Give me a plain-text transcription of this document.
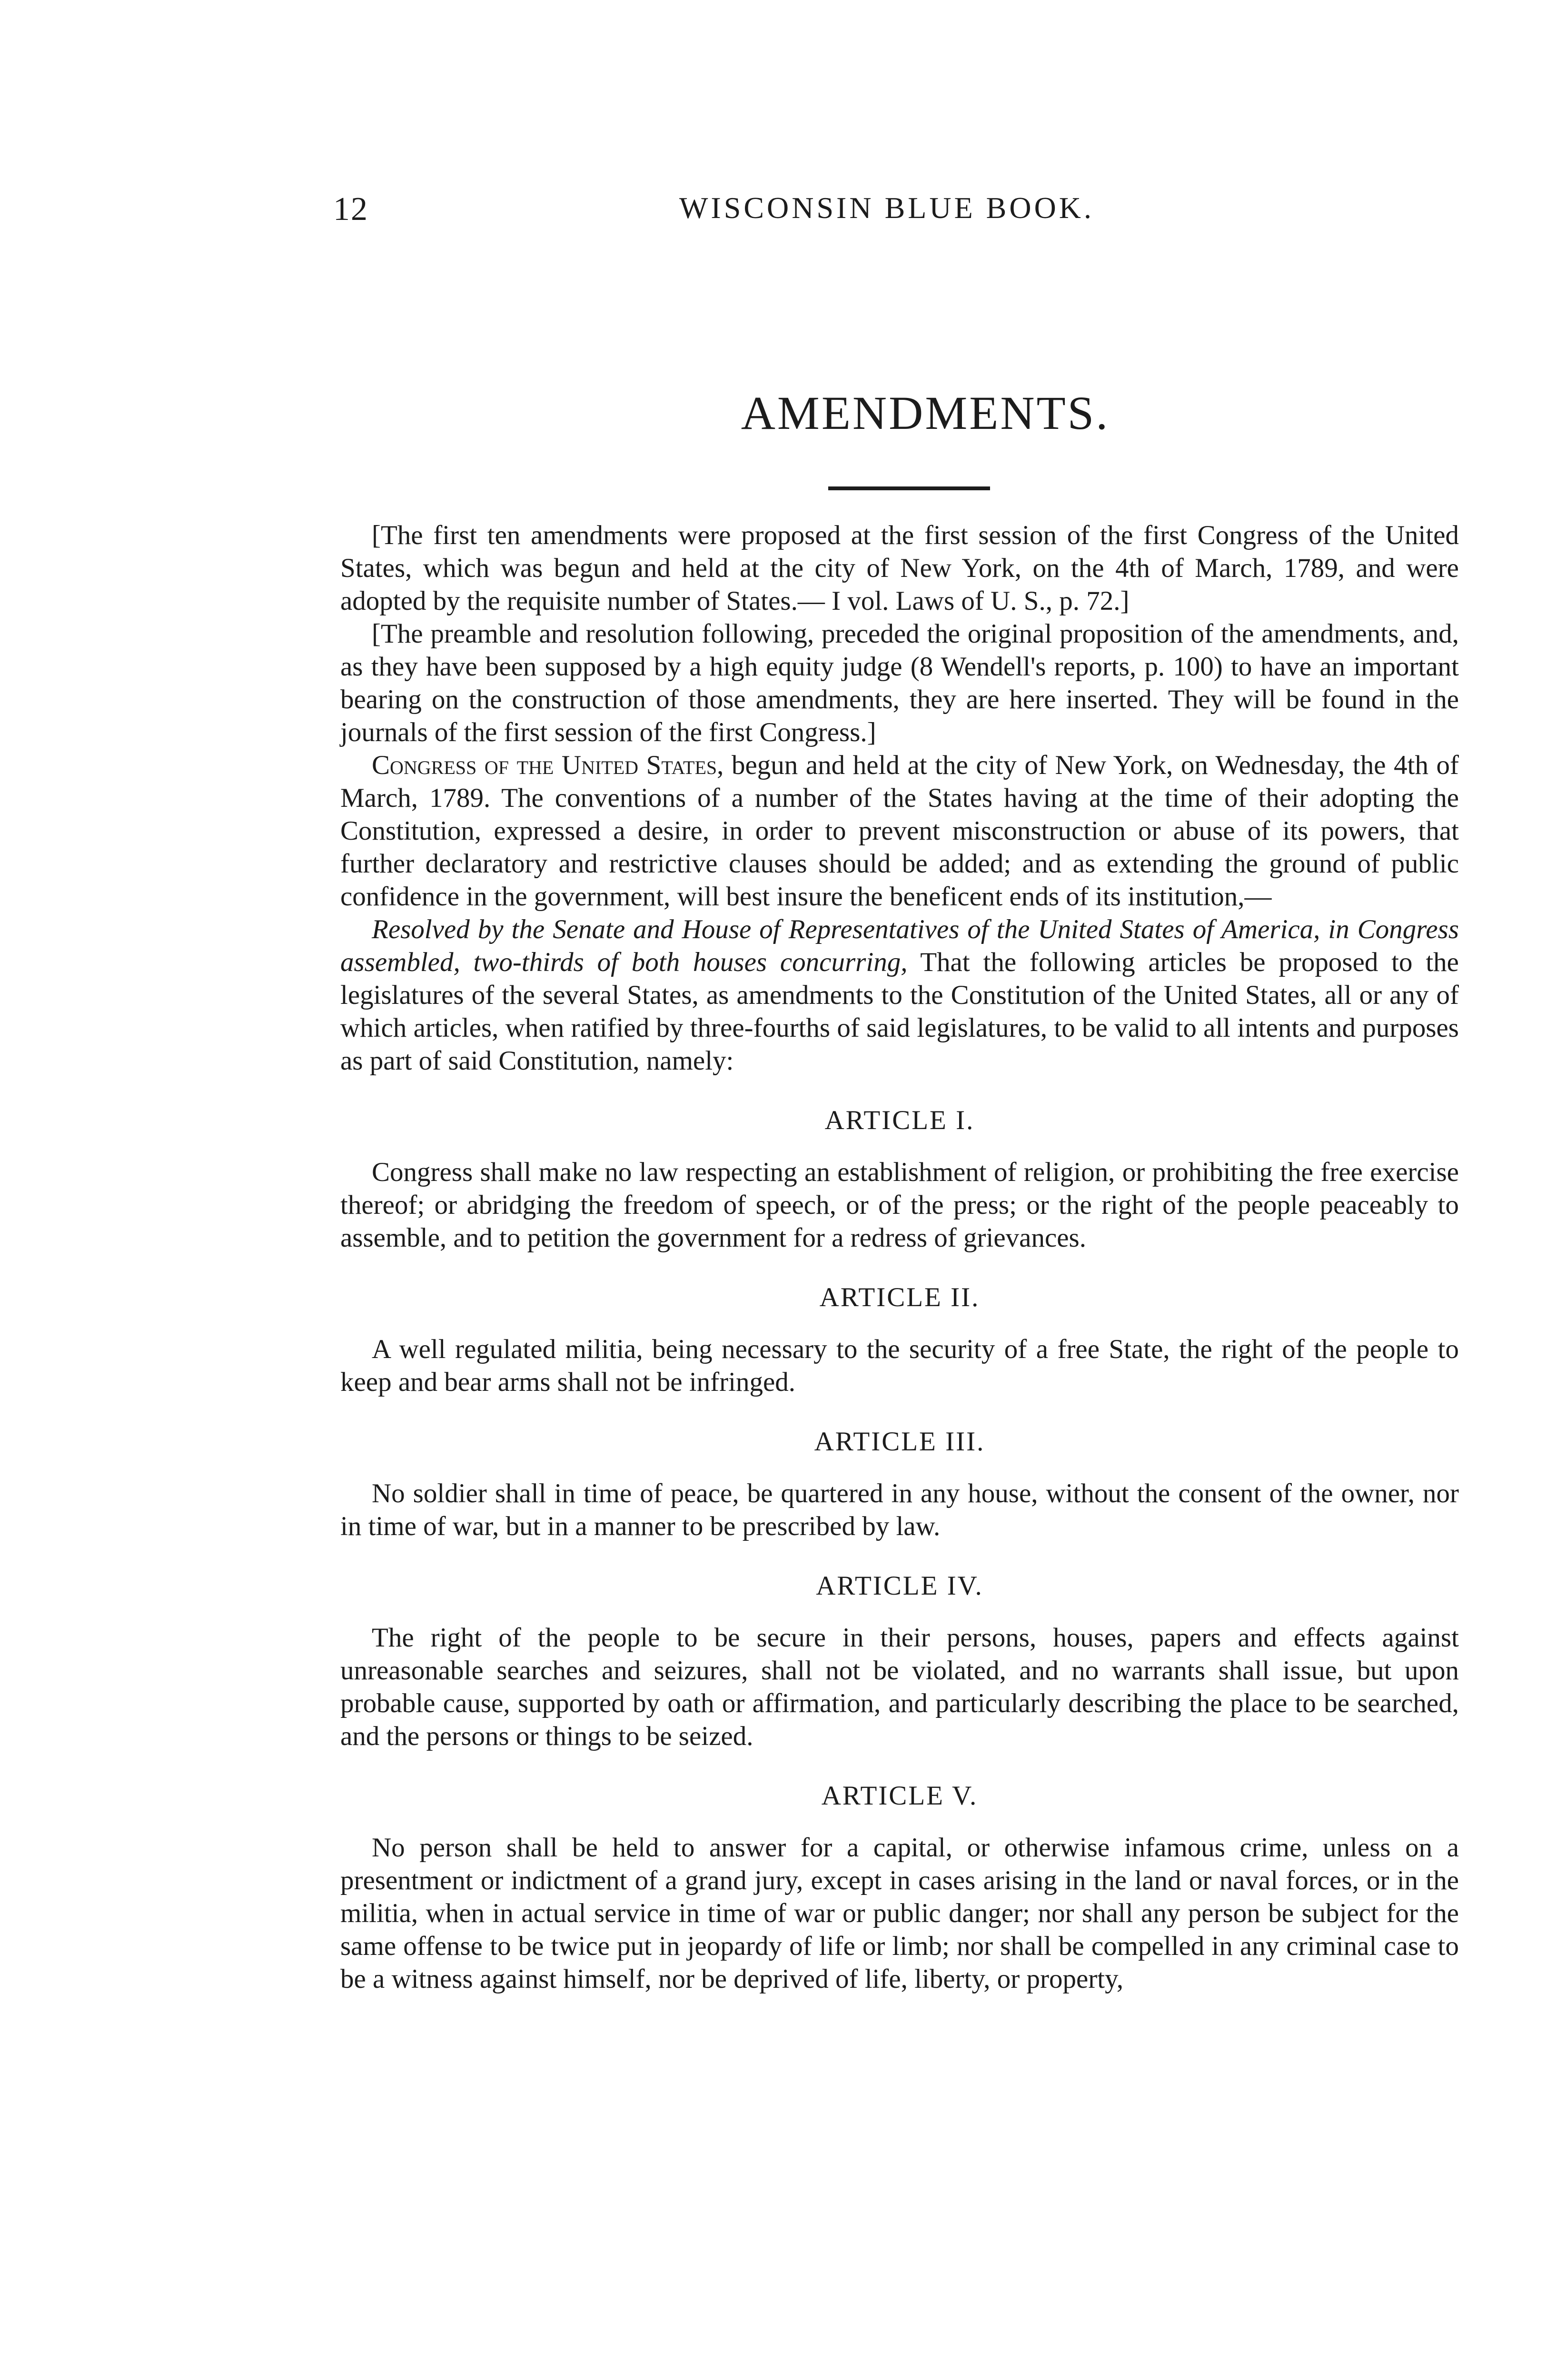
12	WISCONSIN BLUE BOOK.
AMENDMENTS.

[The first ten amendments were proposed at the first session of the first Congress of the United States, which was begun and held at the city of New York, on the 4th of March, 1789, and were adopted by the requisite number of States.— I vol. Laws of U. S., p. 72.]

[The preamble and resolution following, preceded the original proposition of the amendments, and, as they have been supposed by a high equity judge (8 Wendell's reports, p. 100) to have an important bearing on the construction of those amendments, they are here inserted. They will be found in the journals of the first session of the first Congress.]

Congress of the United States, begun and held at the city of New York, on Wednesday, the 4th of March, 1789. The conventions of a number of the States having at the time of their adopting the Constitution, expressed a desire, in order to prevent misconstruction or abuse of its powers, that further declaratory and restrictive clauses should be added; and as extending the ground of public confidence in the government, will best insure the beneficent ends of its institution,—

Resolved by the Senate and House of Representatives of the United States of America, in Congress assembled, two-thirds of both houses concurring, That the following articles be proposed to the legislatures of the several States, as amendments to the Constitution of the United States, all or any of which articles, when ratified by three-fourths of said legislatures, to be valid to all intents and purposes as part of said Constitution, namely:

ARTICLE I.

Congress shall make no law respecting an establishment of religion, or prohibiting the free exercise thereof; or abridging the freedom of speech, or of the press; or the right of the people peaceably to assemble, and to petition the government for a redress of grievances.

ARTICLE II.

A well regulated militia, being necessary to the security of a free State, the right of the people to keep and bear arms shall not be infringed.

ARTICLE III.

No soldier shall in time of peace, be quartered in any house, without the consent of the owner, nor in time of war, but in a manner to be prescribed by law.

ARTICLE IV.

The right of the people to be secure in their persons, houses, papers and effects against unreasonable searches and seizures, shall not be violated, and no warrants shall issue, but upon probable cause, supported by oath or affirmation, and particularly describing the place to be searched, and the persons or things to be seized.

ARTICLE V.

No person shall be held to answer for a capital, or otherwise infamous crime, unless on a presentment or indictment of a grand jury, except in cases arising in the land or naval forces, or in the militia, when in actual service in time of war or public danger; nor shall any person be subject for the same offense to be twice put in jeopardy of life or limb; nor shall be compelled in any criminal case to be a witness against himself, nor be deprived of life, liberty, or property,
